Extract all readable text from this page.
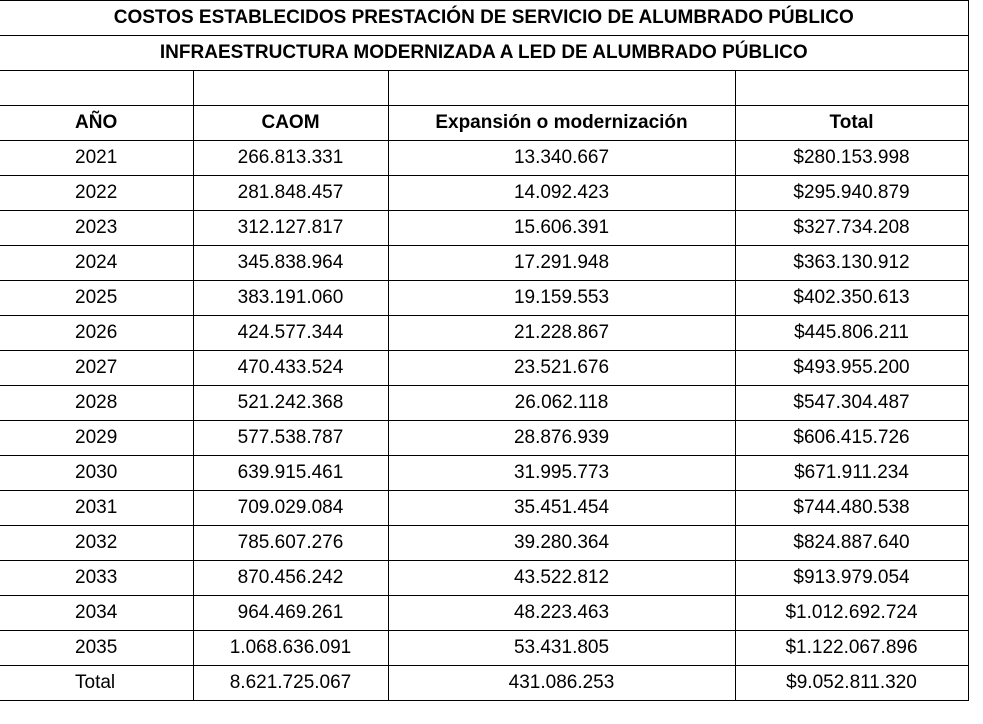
COSTOS ESTABLECIDOS PRESTACIÓN DE SERVICIO DE ALUMBRADO PÚBLICO			
INFRAESTRUCTURA MODERNIZADA A LED DE ALUMBRADO PÚBLICO			

AÑO	CAOM	Expansión o modernización	Total
2021	266.813.331	13.340.667	$280.153.998
2022	281.848.457	14.092.423	$295.940.879
2023	312.127.817	15.606.391	$327.734.208
2024	345.838.964	17.291.948	$363.130.912
2025	383.191.060	19.159.553	$402.350.613
2026	424.577.344	21.228.867	$445.806.211
2027	470.433.524	23.521.676	$493.955.200
2028	521.242.368	26.062.118	$547.304.487
2029	577.538.787	28.876.939	$606.415.726
2030	639.915.461	31.995.773	$671.911.234
2031	709.029.084	35.451.454	$744.480.538
2032	785.607.276	39.280.364	$824.887.640
2033	870.456.242	43.522.812	$913.979.054
2034	964.469.261	48.223.463	$1.012.692.724
2035	1.068.636.091	53.431.805	$1.122.067.896
Total	8.621.725.067	431.086.253	$9.052.811.320
